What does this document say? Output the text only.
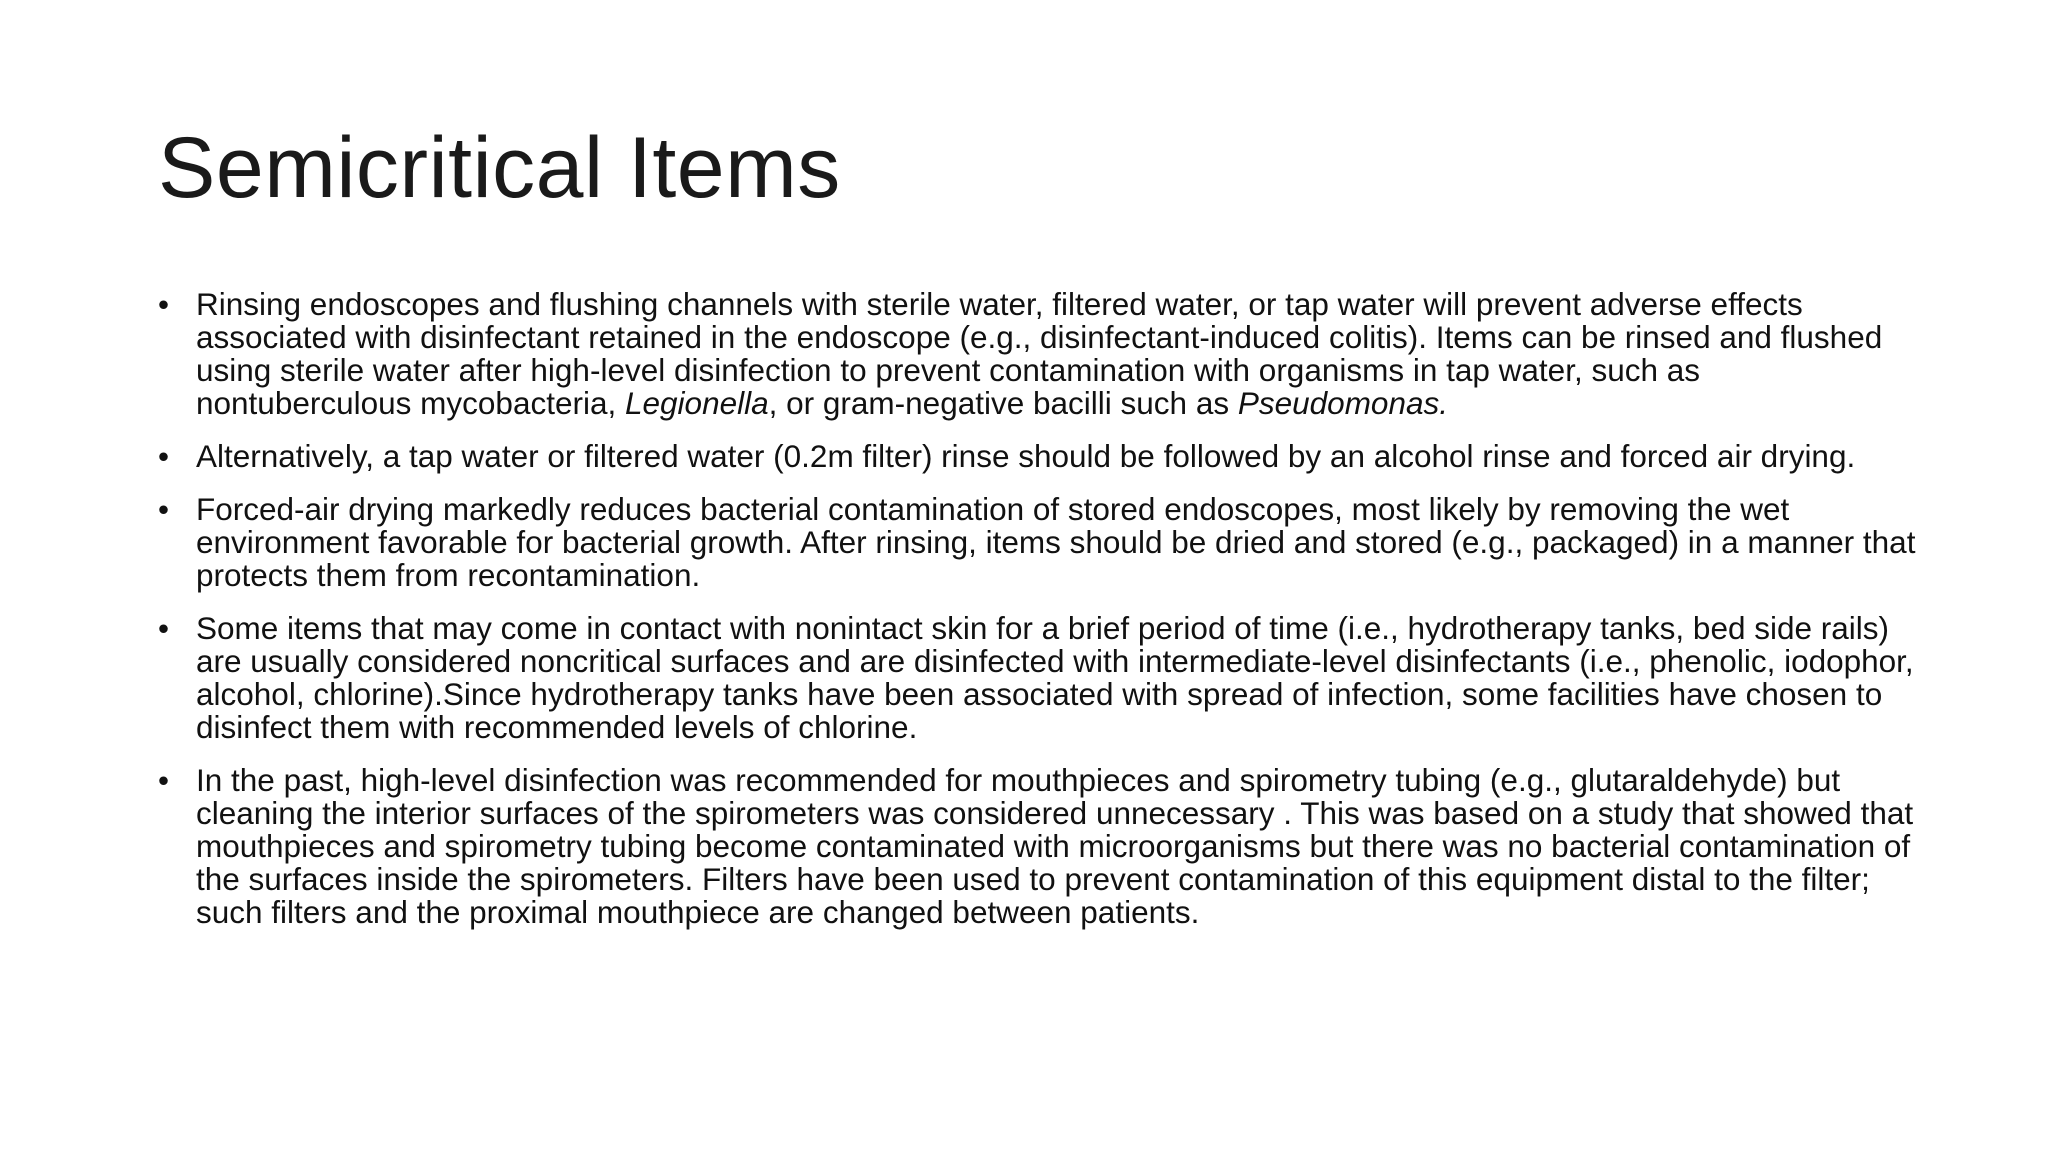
Semicritical Items
• Rinsing endoscopes and flushing channels with sterile water, filtered water, or tap water will prevent adverse effects associated with disinfectant retained in the endoscope (e.g., disinfectant-induced colitis). Items can be rinsed and flushed using sterile water after high-level disinfection to prevent contamination with organisms in tap water, such as nontuberculous mycobacteria, Legionella, or gram-negative bacilli such as Pseudomonas.
• Alternatively, a tap water or filtered water (0.2m filter) rinse should be followed by an alcohol rinse and forced air drying.
• Forced-air drying markedly reduces bacterial contamination of stored endoscopes, most likely by removing the wet environment favorable for bacterial growth. After rinsing, items should be dried and stored (e.g., packaged) in a manner that protects them from recontamination.
• Some items that may come in contact with nonintact skin for a brief period of time (i.e., hydrotherapy tanks, bed side rails) are usually considered noncritical surfaces and are disinfected with intermediate-level disinfectants (i.e., phenolic, iodophor, alcohol, chlorine).Since hydrotherapy tanks have been associated with spread of infection, some facilities have chosen to disinfect them with recommended levels of chlorine.
• In the past, high-level disinfection was recommended for mouthpieces and spirometry tubing (e.g., glutaraldehyde) but cleaning the interior surfaces of the spirometers was considered unnecessary . This was based on a study that showed that mouthpieces and spirometry tubing become contaminated with microorganisms but there was no bacterial contamination of the surfaces inside the spirometers. Filters have been used to prevent contamination of this equipment distal to the filter; such filters and the proximal mouthpiece are changed between patients.
